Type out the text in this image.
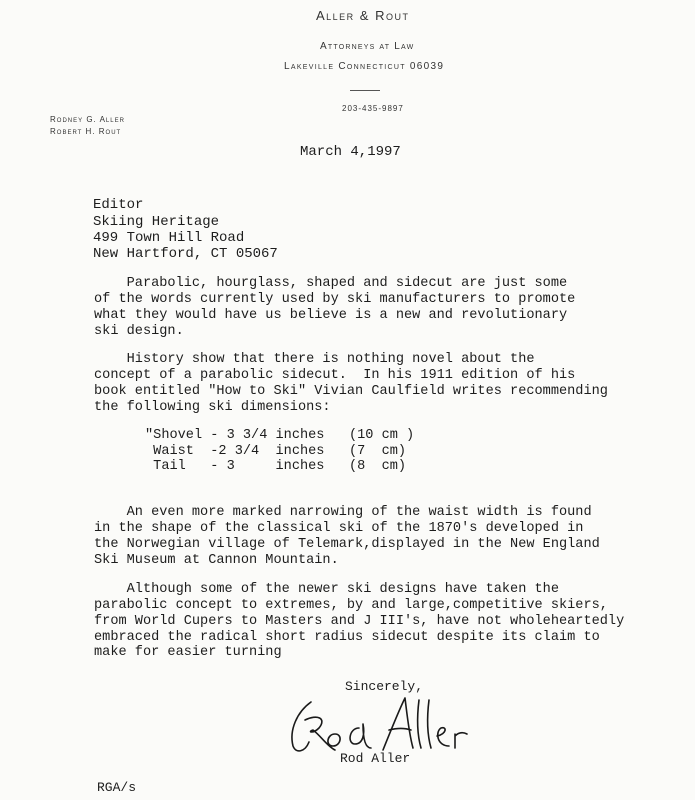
Aller & Rout
Attorneys at Law
Lakeville Connecticut 06039
203-435-9897
Rodney G. Aller
Robert H. Rout
March 4,1997
Editor
Skiing Heritage
499 Town Hill Road
New Hartford, CT 05067
Parabolic, hourglass, shaped and sidecut are just some
of the words currently used by ski manufacturers to promote
what they would have us believe is a new and revolutionary
ski design.
History show that there is nothing novel about the
concept of a parabolic sidecut.  In his 1911 edition of his
book entitled "How to Ski" Vivian Caulfield writes recommending
the following ski dimensions:
"Shovel - 3 3/4 inches   (10 cm )
Waist  -2 3/4  inches   (7  cm)
Tail   - 3     inches   (8  cm)
An even more marked narrowing of the waist width is found
in the shape of the classical ski of the 1870's developed in
the Norwegian village of Telemark,displayed in the New England
Ski Museum at Cannon Mountain.
Although some of the newer ski designs have taken the
parabolic concept to extremes, by and large,competitive skiers,
from World Cupers to Masters and J III's, have not wholeheartedly
embraced the radical short radius sidecut despite its claim to
make for easier turning
Sincerely,
Rod Aller
RGA/s
